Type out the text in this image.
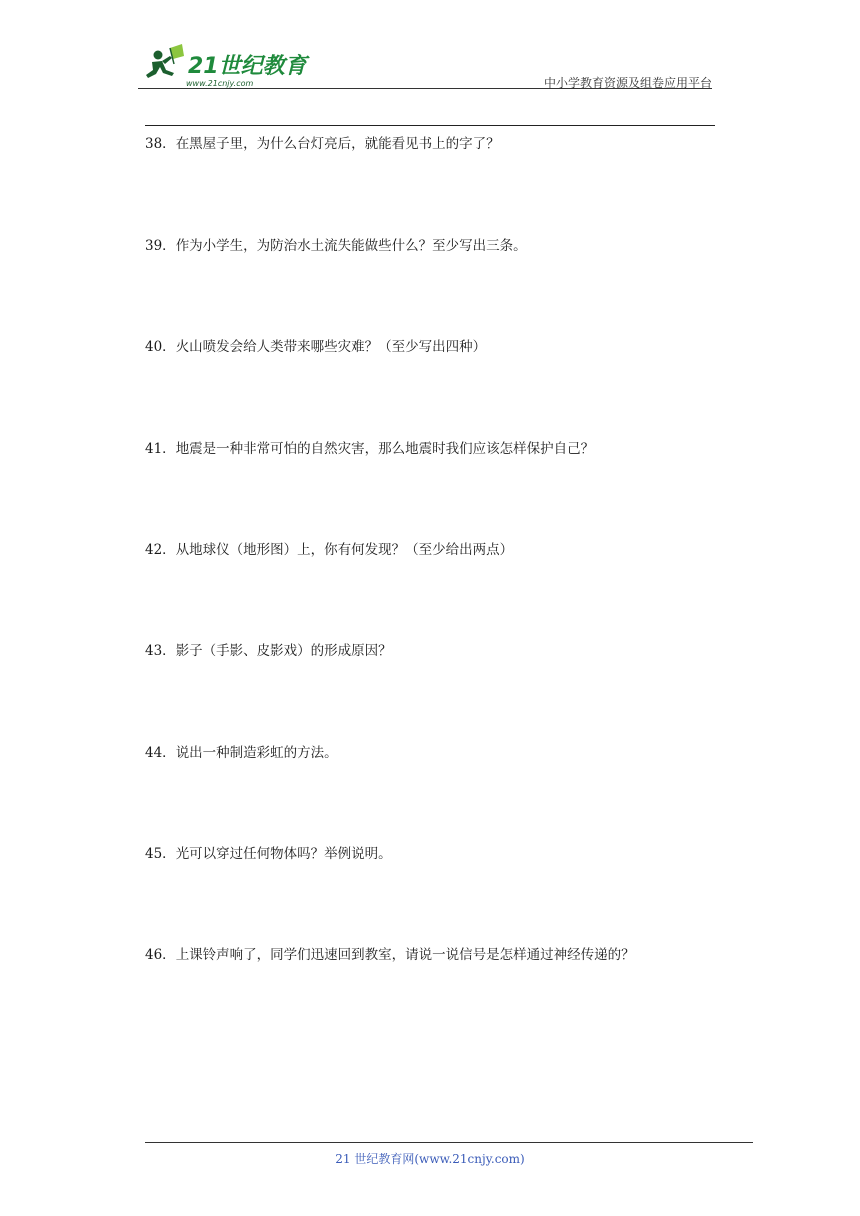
21世纪教育
www.21cnjy.com	中小学教育资源及组卷应用平台
38．在黑屋子里，为什么台灯亮后，就能看见书上的字了？
39．作为小学生，为防治水土流失能做些什么？至少写出三条。
40．火山喷发会给人类带来哪些灾难？（至少写出四种）
41．地震是一种非常可怕的自然灾害，那么地震时我们应该怎样保护自己？
42．从地球仪（地形图）上，你有何发现？（至少给出两点）
43．影子（手影、皮影戏）的形成原因？
44．说出一种制造彩虹的方法。
45．光可以穿过任何物体吗？举例说明。
46．上课铃声响了，同学们迅速回到教室，请说一说信号是怎样通过神经传递的？
21 世纪教育网(www.21cnjy.com)
